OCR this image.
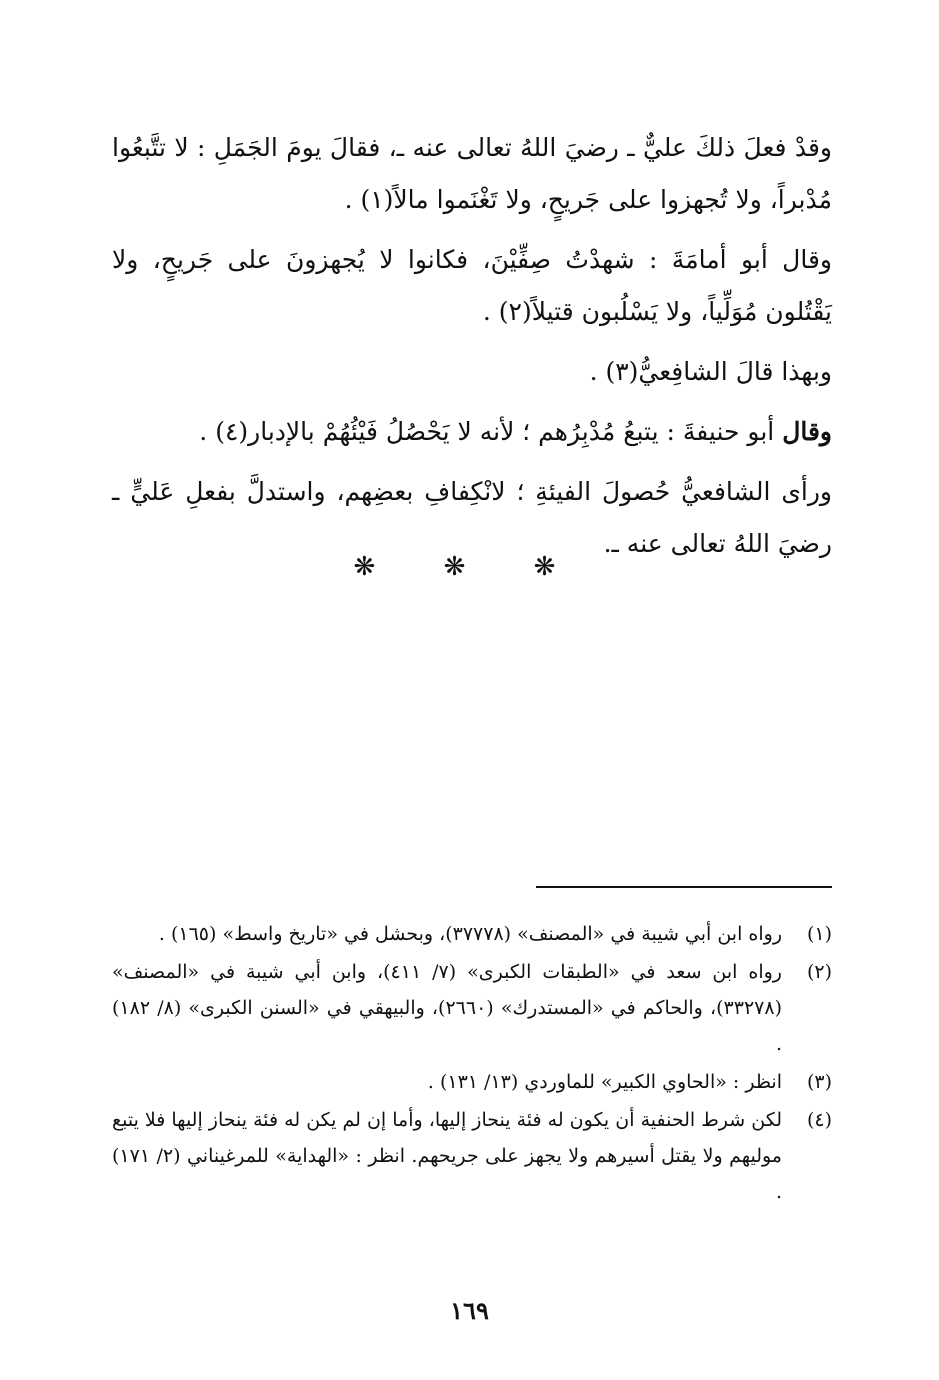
وقدْ فعلَ ذلكَ عليٌّ ـ رضيَ اللهُ تعالى عنه ـ، فقالَ يومَ الجَمَلِ : لا تتَّبعُوا مُدْبراً، ولا تُجهزوا على جَريحٍ، ولا تَغْنَموا مالاً(١) .

وقال أبو أمامَةَ : شهدْتُ صِفِّيْنَ، فكانوا لا يُجهزونَ على جَريحٍ، ولا يَقْتُلون مُوَلِّياً، ولا يَسْلُبون قتيلاً(٢) .

وبهذا قالَ الشافِعيُّ(٣) .

وقال أبو حنيفةَ : يتبعُ مُدْبِرُهم ؛ لأنه لا يَحْصُلُ فَيْئُهُمْ بالإدبار(٤) .

ورأى الشافعيُّ حُصولَ الفيئةِ ؛ لانْكِفافِ بعضِهم، واستدلَّ بفعلِ عَليٍّ ـ رضيَ اللهُ تعالى عنه ـ.

❋ ❋ ❋
(١)
رواه ابن أبي شيبة في «المصنف» (٣٧٧٧٨)، وبحشل في «تاريخ واسط» (١٦٥) .
(٢)
رواه ابن سعد في «الطبقات الكبرى» (٧/ ٤١١)، وابن أبي شيبة في «المصنف» (٣٣٢٧٨)، والحاكم في «المستدرك» (٢٦٦٠)، والبيهقي في «السنن الكبرى» (٨/ ١٨٢) .
(٣)
انظر : «الحاوي الكبير» للماوردي (١٣/ ١٣١) .
(٤)
لكن شرط الحنفية أن يكون له فئة ينحاز إليها، وأما إن لم يكن له فئة ينحاز إليها فلا يتبع موليهم ولا يقتل أسيرهم ولا يجهز على جريحهم. انظر : «الهداية» للمرغيناني (٢/ ١٧١) .
١٦٩
